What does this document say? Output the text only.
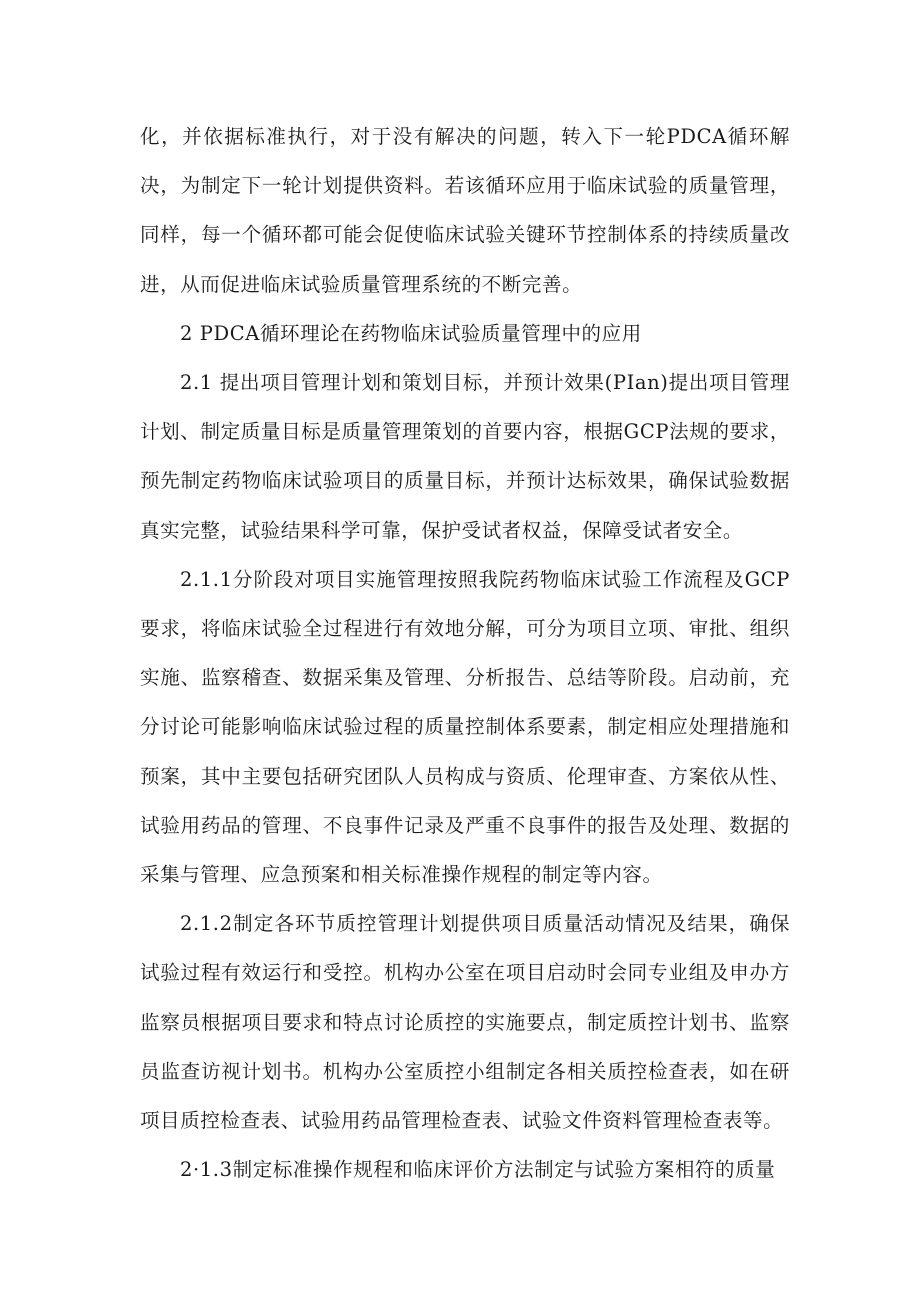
化，并依据标准执行，对于没有解决的问题，转入下一轮PDCA循环解决，为制定下一轮计划提供资料。若该循环应用于临床试验的质量管理，同样，每一个循环都可能会促使临床试验关键环节控制体系的持续质量改进，从而促进临床试验质量管理系统的不断完善。

2 PDCA循环理论在药物临床试验质量管理中的应用

2.1 提出项目管理计划和策划目标，并预计效果(PIan)提出项目管理计划、制定质量目标是质量管理策划的首要内容，根据GCP法规的要求，预先制定药物临床试验项目的质量目标，并预计达标效果，确保试验数据真实完整，试验结果科学可靠，保护受试者权益，保障受试者安全。

2.1.1分阶段对项目实施管理按照我院药物临床试验工作流程及GCP要求，将临床试验全过程进行有效地分解，可分为项目立项、审批、组织实施、监察稽查、数据采集及管理、分析报告、总结等阶段。启动前，充分讨论可能影响临床试验过程的质量控制体系要素，制定相应处理措施和预案，其中主要包括研究团队人员构成与资质、伦理审查、方案依从性、试验用药品的管理、不良事件记录及严重不良事件的报告及处理、数据的采集与管理、应急预案和相关标准操作规程的制定等内容。

2.1.2制定各环节质控管理计划提供项目质量活动情况及结果，确保试验过程有效运行和受控。机构办公室在项目启动时会同专业组及申办方监察员根据项目要求和特点讨论质控的实施要点，制定质控计划书、监察员监查访视计划书。机构办公室质控小组制定各相关质控检查表，如在研项目质控检查表、试验用药品管理检查表、试验文件资料管理检查表等。

2·1.3制定标准操作规程和临床评价方法制定与试验方案相符的质量
